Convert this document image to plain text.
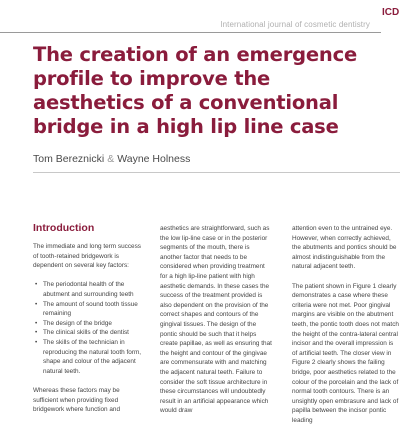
International journal of cosmetic dentistry
ICD
The creation of an emergence
profile to improve the
aesthetics of a conventional
bridge in a high lip line case
Tom Bereznicki & Wayne Holness
Introduction

The immediate and long term success of tooth-retained bridgework is dependent on several key factors:

• The periodontal health of the abutment and surrounding teeth
• The amount of sound tooth tissue remaining
• The design of the bridge
• The clinical skills of the dentist
• The skills of the technician in reproducing the natural tooth form, shape and colour of the adjacent natural teeth.

Whereas these factors may be sufficient when providing fixed bridgework where function and

aesthetics are straightforward, such as the low lip-line case or in the posterior segments of the mouth, there is another factor that needs to be considered when providing treatment for a high lip-line patient with high aesthetic demands. In these cases the success of the treatment provided is also dependent on the provision of the correct shapes and contours of the gingival tissues. The design of the pontic should be such that it helps create papillae, as well as ensuring that the height and contour of the gingivae are commensurate with and matching the adjacent natural teeth. Failure to consider the soft tissue architecture in these circumstances will undoubtedly result in an artificial appearance which would draw

attention even to the untrained eye. However, when correctly achieved, the abutments and pontics should be almost indistinguishable from the natural adjacent teeth.

The patient shown in Figure 1 clearly demonstrates a case where these criteria were not met. Poor gingival margins are visible on the abutment teeth, the pontic tooth does not match the height of the contra-lateral central incisor and the overall impression is of artificial teeth. The closer view in Figure 2 clearly shows the failing bridge, poor aesthetics related to the colour of the porcelain and the lack of normal tooth contours. There is an unsightly open embrasure and lack of papilla between the incisor pontic leading
